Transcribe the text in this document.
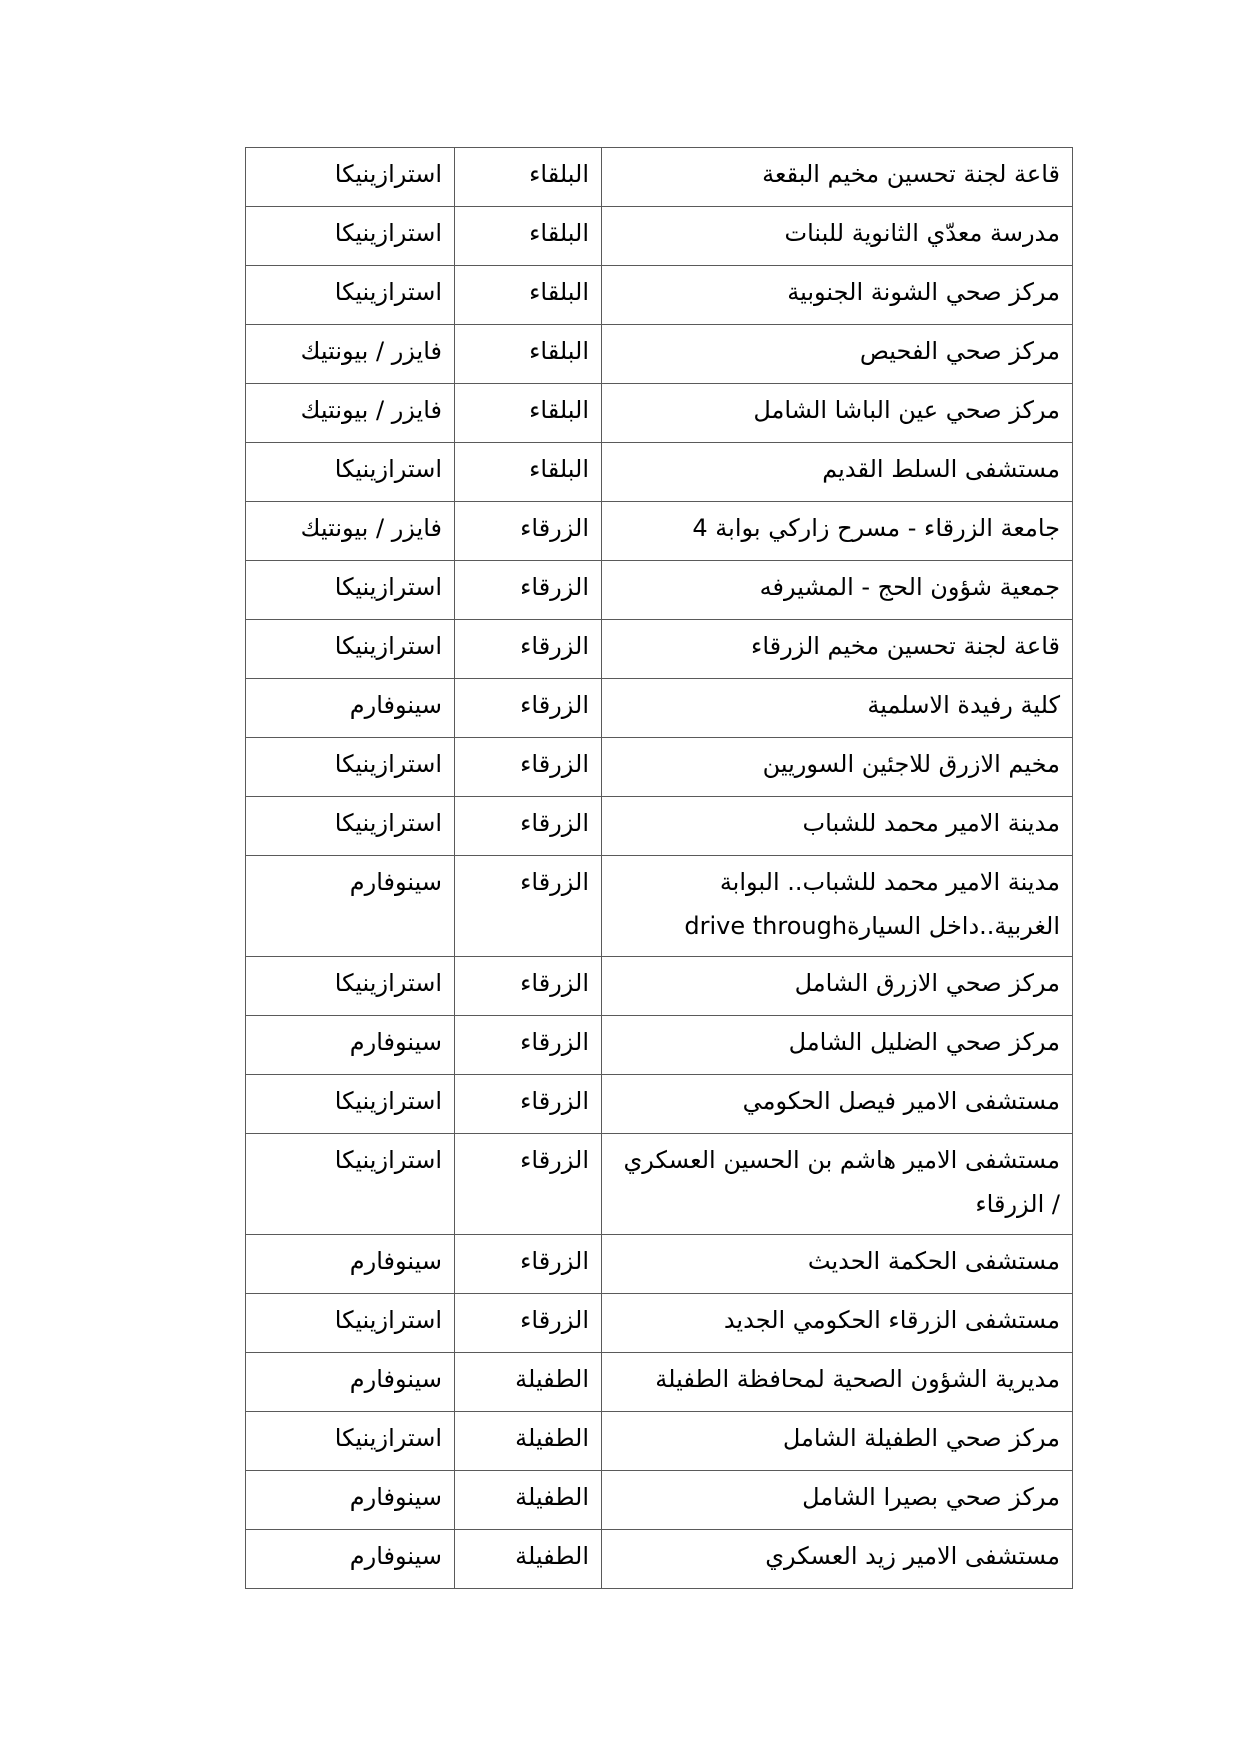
قاعة لجنة تحسين مخيم البقعة	البلقاء	استرازينيكا
مدرسة معدّي الثانوية للبنات	البلقاء	استرازينيكا
مركز صحي الشونة الجنوبية	البلقاء	استرازينيكا
مركز صحي الفحيص	البلقاء	فايزر / بيونتيك
مركز صحي عين الباشا الشامل	البلقاء	فايزر / بيونتيك
مستشفى السلط القديم	البلقاء	استرازينيكا
جامعة الزرقاء - مسرح زاركي بوابة 4	الزرقاء	فايزر / بيونتيك
جمعية شؤون الحج - المشيرفه	الزرقاء	استرازينيكا
قاعة لجنة تحسين مخيم الزرقاء	الزرقاء	استرازينيكا
كلية رفيدة الاسلمية	الزرقاء	سينوفارم
مخيم الازرق للاجئين السوريين	الزرقاء	استرازينيكا
مدينة الامير محمد للشباب	الزرقاء	استرازينيكا
مدينة الامير محمد للشباب.. البوابة الغربية..داخل السيارةdrive through	الزرقاء	سينوفارم
مركز صحي الازرق الشامل	الزرقاء	استرازينيكا
مركز صحي الضليل الشامل	الزرقاء	سينوفارم
مستشفى الامير فيصل الحكومي	الزرقاء	استرازينيكا
مستشفى الامير هاشم بن الحسين العسكري / الزرقاء	الزرقاء	استرازينيكا
مستشفى الحكمة الحديث	الزرقاء	سينوفارم
مستشفى الزرقاء الحكومي الجديد	الزرقاء	استرازينيكا
مديرية الشؤون الصحية لمحافظة الطفيلة	الطفيلة	سينوفارم
مركز صحي الطفيلة الشامل	الطفيلة	استرازينيكا
مركز صحي بصيرا الشامل	الطفيلة	سينوفارم
مستشفى الامير زيد العسكري	الطفيلة	سينوفارم
